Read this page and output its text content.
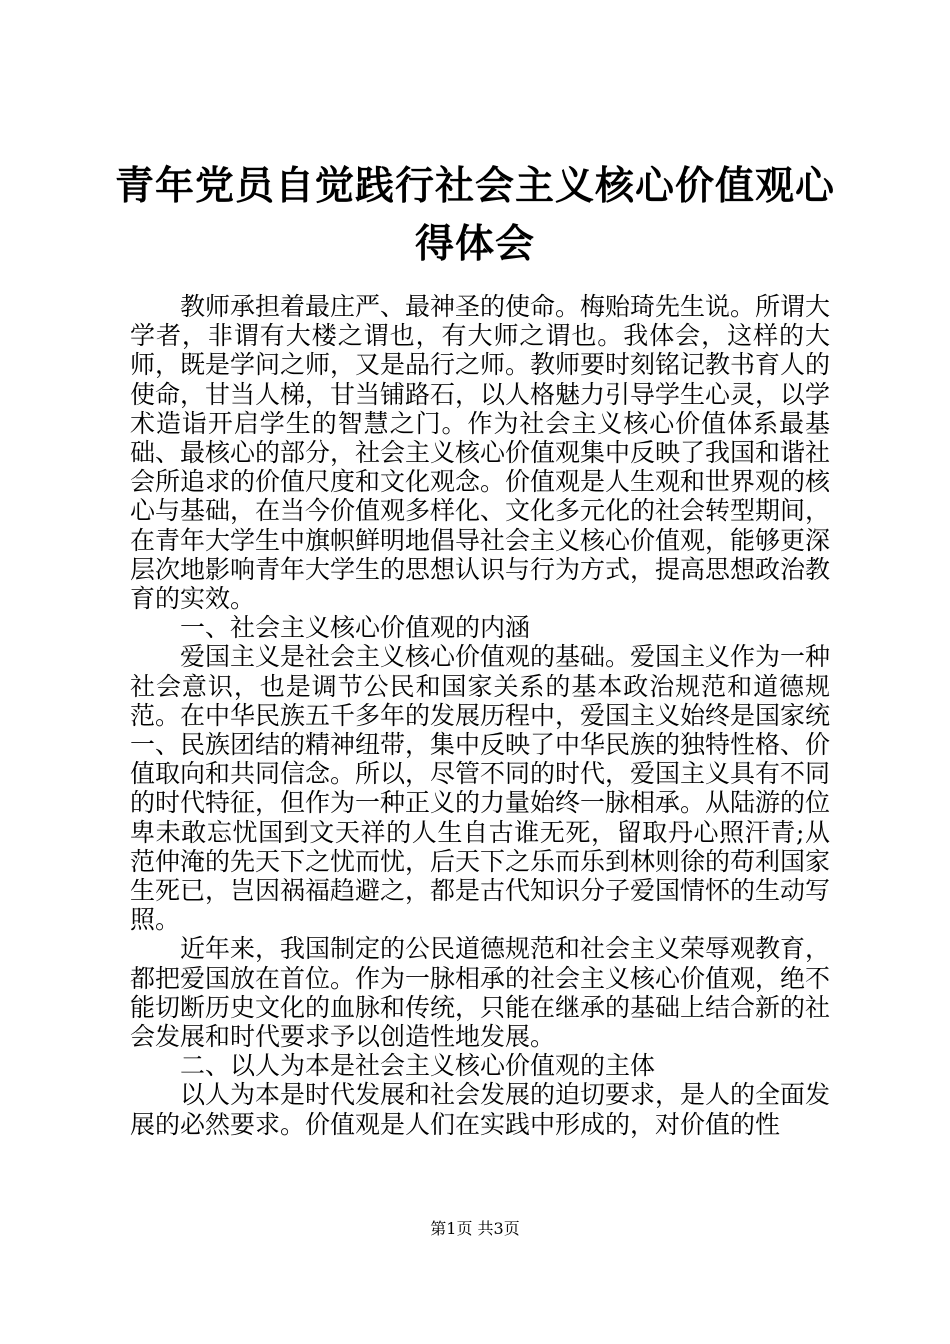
青年党员自觉践行社会主义核心价值观心得体会

教师承担着最庄严、最神圣的使命。梅贻琦先生说。所谓大学者，非谓有大楼之谓也，有大师之谓也。我体会，这样的大师，既是学问之师，又是品行之师。教师要时刻铭记教书育人的使命，甘当人梯，甘当铺路石，以人格魅力引导学生心灵，以学术造诣开启学生的智慧之门。作为社会主义核心价值体系最基础、最核心的部分，社会主义核心价值观集中反映了我国和谐社会所追求的价值尺度和文化观念。价值观是人生观和世界观的核心与基础，在当今价值观多样化、文化多元化的社会转型期间，在青年大学生中旗帜鲜明地倡导社会主义核心价值观，能够更深层次地影响青年大学生的思想认识与行为方式，提高思想政治教育的实效。

一、社会主义核心价值观的内涵

爱国主义是社会主义核心价值观的基础。爱国主义作为一种社会意识，也是调节公民和国家关系的基本政治规范和道德规范。在中华民族五千多年的发展历程中，爱国主义始终是国家统一、民族团结的精神纽带，集中反映了中华民族的独特性格、价值取向和共同信念。所以，尽管不同的时代，爱国主义具有不同的时代特征，但作为一种正义的力量始终一脉相承。从陆游的位卑未敢忘忧国到文天祥的人生自古谁无死，留取丹心照汗青;从范仲淹的先天下之忧而忧，后天下之乐而乐到林则徐的苟利国家生死已，岂因祸福趋避之，都是古代知识分子爱国情怀的生动写照。

近年来，我国制定的公民道德规范和社会主义荣辱观教育，都把爱国放在首位。作为一脉相承的社会主义核心价值观，绝不能切断历史文化的血脉和传统，只能在继承的基础上结合新的社会发展和时代要求予以创造性地发展。

二、以人为本是社会主义核心价值观的主体

以人为本是时代发展和社会发展的迫切要求，是人的全面发展的必然要求。价值观是人们在实践中形成的，对价值的性

第1页 共3页
